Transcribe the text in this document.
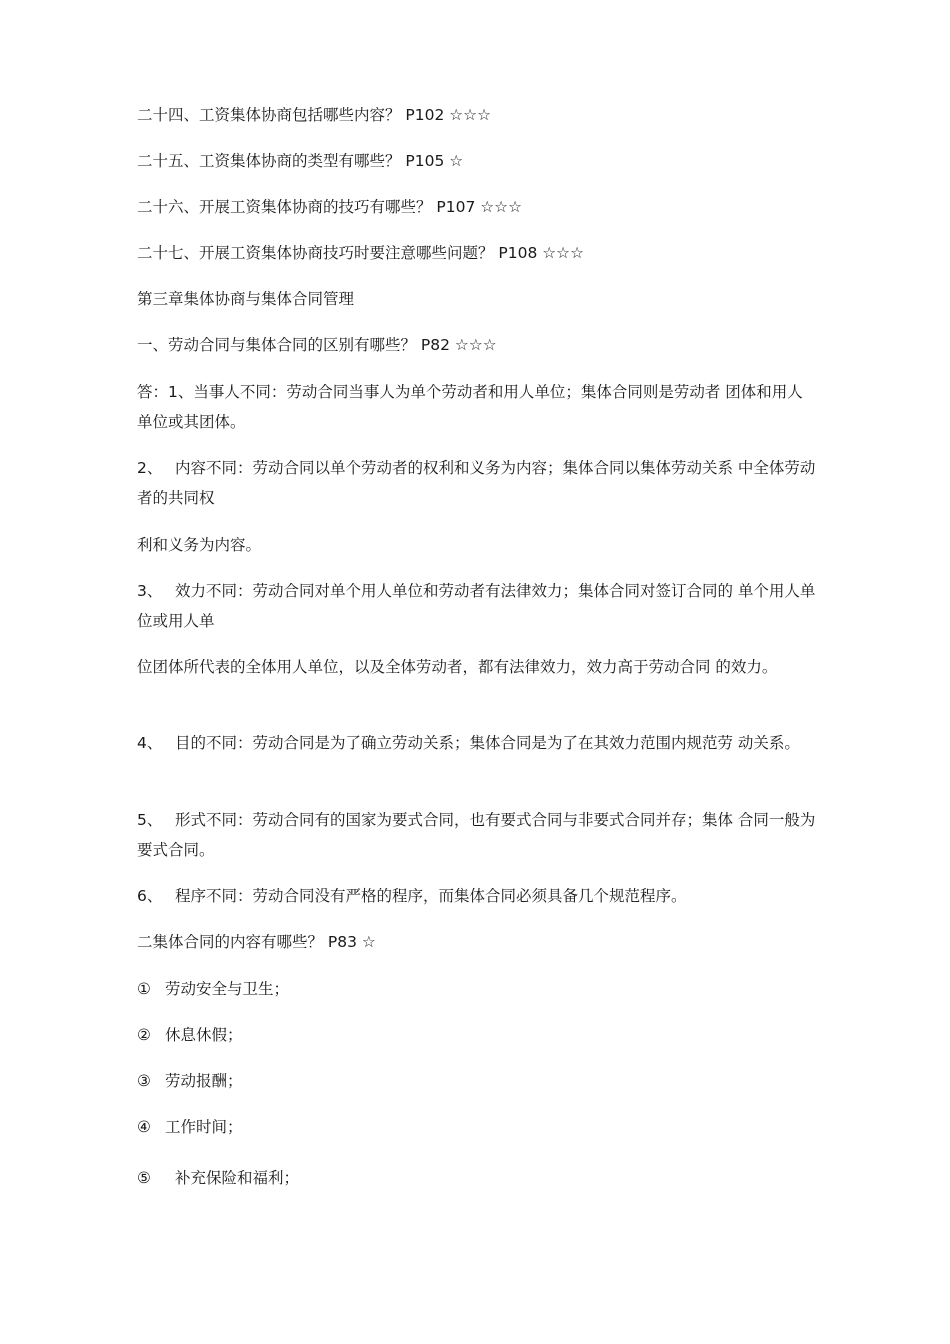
二十四、工资集体协商包括哪些内容？ P102 ☆☆☆

二十五、工资集体协商的类型有哪些？ P105 ☆

二十六、开展工资集体协商的技巧有哪些？ P107 ☆☆☆

二十七、开展工资集体协商技巧时要注意哪些问题？ P108 ☆☆☆

第三章集体协商与集体合同管理

一、劳动合同与集体合同的区别有哪些？ P82 ☆☆☆

答：1、当事人不同：劳动合同当事人为单个劳动者和用人单位；集体合同则是劳动者 团体和用人单位或其团体。

2、 内容不同：劳动合同以单个劳动者的权利和义务为内容；集体合同以集体劳动关系 中全体劳动者的共同权

利和义务为内容。

3、 效力不同：劳动合同对单个用人单位和劳动者有法律效力；集体合同对签订合同的 单个用人单位或用人单

位团体所代表的全体用人单位，以及全体劳动者，都有法律效力，效力高于劳动合同 的效力。

4、 目的不同：劳动合同是为了确立劳动关系；集体合同是为了在其效力范围内规范劳 动关系。

5、 形式不同：劳动合同有的国家为要式合同，也有要式合同与非要式合同并存；集体 合同一般为要式合同。

6、 程序不同：劳动合同没有严格的程序，而集体合同必须具备几个规范程序。

二集体合同的内容有哪些？ P83 ☆

① 劳动安全与卫生；

② 休息休假；

③ 劳动报酬；

④ 工作时间；

⑤ 补充保险和福利；
